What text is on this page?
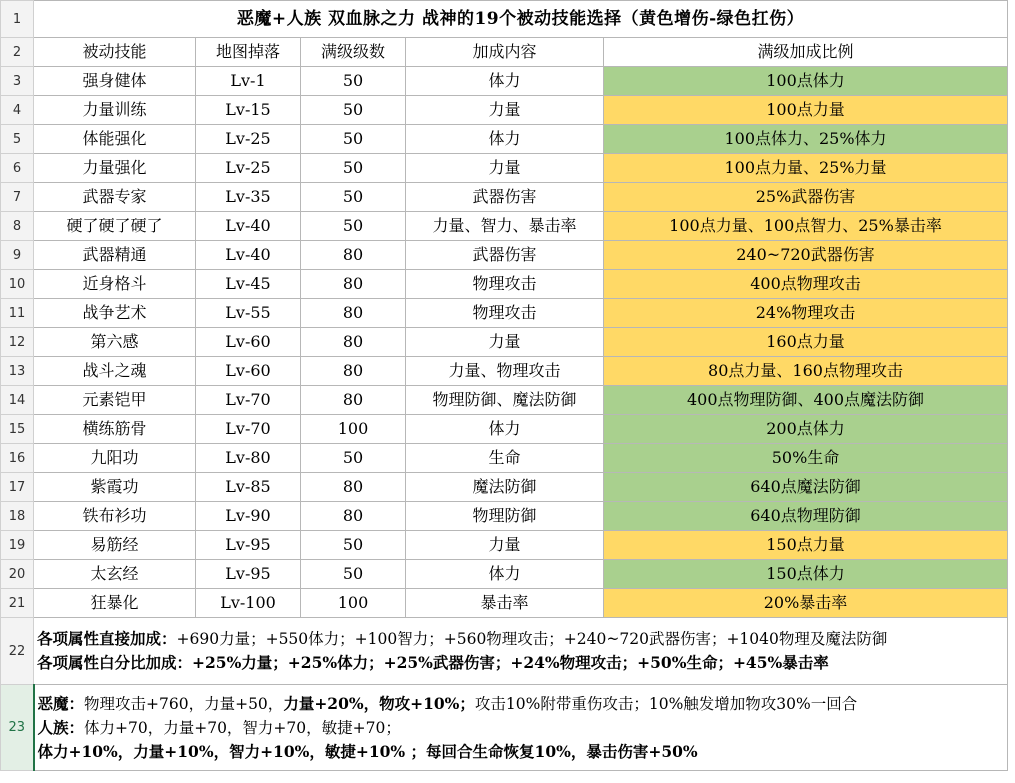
1	恶魔+人族 双血脉之力 战神的19个被动技能选择（黄色增伤-绿色扛伤）				
2	被动技能	地图掉落	满级级数	加成内容	满级加成比例
3	强身健体	Lv-1	50	体力	100点体力
4	力量训练	Lv-15	50	力量	100点力量
5	体能强化	Lv-25	50	体力	100点体力、25%体力
6	力量强化	Lv-25	50	力量	100点力量、25%力量
7	武器专家	Lv-35	50	武器伤害	25%武器伤害
8	硬了硬了硬了	Lv-40	50	力量、智力、暴击率	100点力量、100点智力、25%暴击率
9	武器精通	Lv-40	80	武器伤害	240~720武器伤害
10	近身格斗	Lv-45	80	物理攻击	400点物理攻击
11	战争艺术	Lv-55	80	物理攻击	24%物理攻击
12	第六感	Lv-60	80	力量	160点力量
13	战斗之魂	Lv-60	80	力量、物理攻击	80点力量、160点物理攻击
14	元素铠甲	Lv-70	80	物理防御、魔法防御	400点物理防御、400点魔法防御
15	横练筋骨	Lv-70	100	体力	200点体力
16	九阳功	Lv-80	50	生命	50%生命
17	紫霞功	Lv-85	80	魔法防御	640点魔法防御
18	铁布衫功	Lv-90	80	物理防御	640点物理防御
19	易筋经	Lv-95	50	力量	150点力量
20	太玄经	Lv-95	50	体力	150点体力
21	狂暴化	Lv-100	100	暴击率	20%暴击率
22	各项属性直接加成：+690力量；+550体力；+100智力；+560物理攻击；+240~720武器伤害；+1040物理及魔法防御
各项属性白分比加成：+25%力量；+25%体力；+25%武器伤害；+24%物理攻击；+50%生命；+45%暴击率				

23	恶魔：物理攻击+760，力量+50，力量+20%，物攻+10%；攻击10%附带重伤攻击；10%触发增加物攻30%一回合
人族：体力+70，力量+70，智力+70，敏捷+70；
体力+10%，力量+10%，智力+10%，敏捷+10% ；每回合生命恢复10%，暴击伤害+50%				
